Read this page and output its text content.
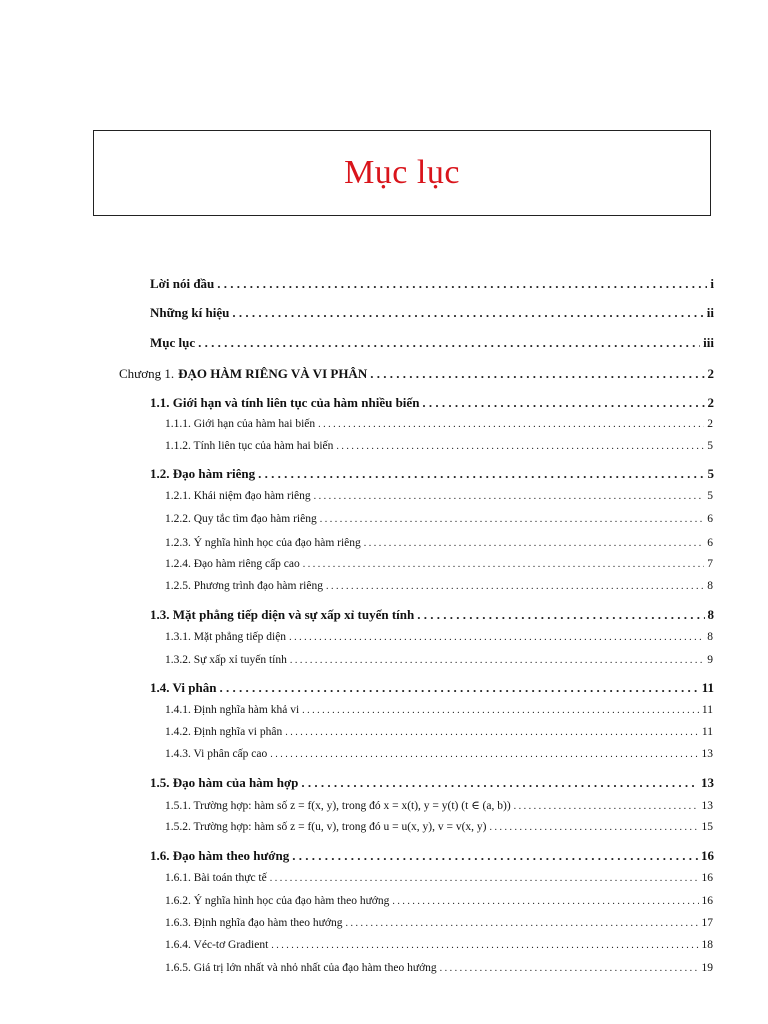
Mục lục
Lời nói đầu . . .	i
Những kí hiệu . . .	ii
Mục lục . . .	iii
Chương 1. ĐẠO HÀM RIÊNG VÀ VI PHÂN . . .	2
1.1. Giới hạn và tính liên tục của hàm nhiều biến . . .	2
1.1.1. Giới hạn của hàm hai biến . . .	2
1.1.2. Tính liên tục của hàm hai biến . . .	5
1.2. Đạo hàm riêng . . .	5
1.2.1. Khái niệm đạo hàm riêng . . .	5
1.2.2. Quy tắc tìm đạo hàm riêng . . .	6
1.2.3. Ý nghĩa hình học của đạo hàm riêng . . .	6
1.2.4. Đạo hàm riêng cấp cao . . .	7
1.2.5. Phương trình đạo hàm riêng . . .	8
1.3. Mặt phẳng tiếp diện và sự xấp xỉ tuyến tính . . .	8
1.3.1. Mặt phẳng tiếp diện . . .	8
1.3.2. Sự xấp xỉ tuyến tính . . .	9
1.4. Vi phân . . .	11
1.4.1. Định nghĩa hàm khả vi . . .	11
1.4.2. Định nghĩa vi phân . . .	11
1.4.3. Vi phân cấp cao . . .	13
1.5. Đạo hàm của hàm hợp . . .	13
1.5.1. Trường hợp: hàm số z = f(x, y), trong đó x = x(t), y = y(t) (t ∈ (a, b)) . . .	13
1.5.2. Trường hợp: hàm số z = f(u, v), trong đó u = u(x, y), v = v(x, y) . . .	15
1.6. Đạo hàm theo hướng . . .	16
1.6.1. Bài toán thực tế . . .	16
1.6.2. Ý nghĩa hình học của đạo hàm theo hướng . . .	16
1.6.3. Định nghĩa đạo hàm theo hướng . . .	17
1.6.4. Véc-tơ Gradient . . .	18
1.6.5. Giá trị lớn nhất và nhỏ nhất của đạo hàm theo hướng . . .	19
